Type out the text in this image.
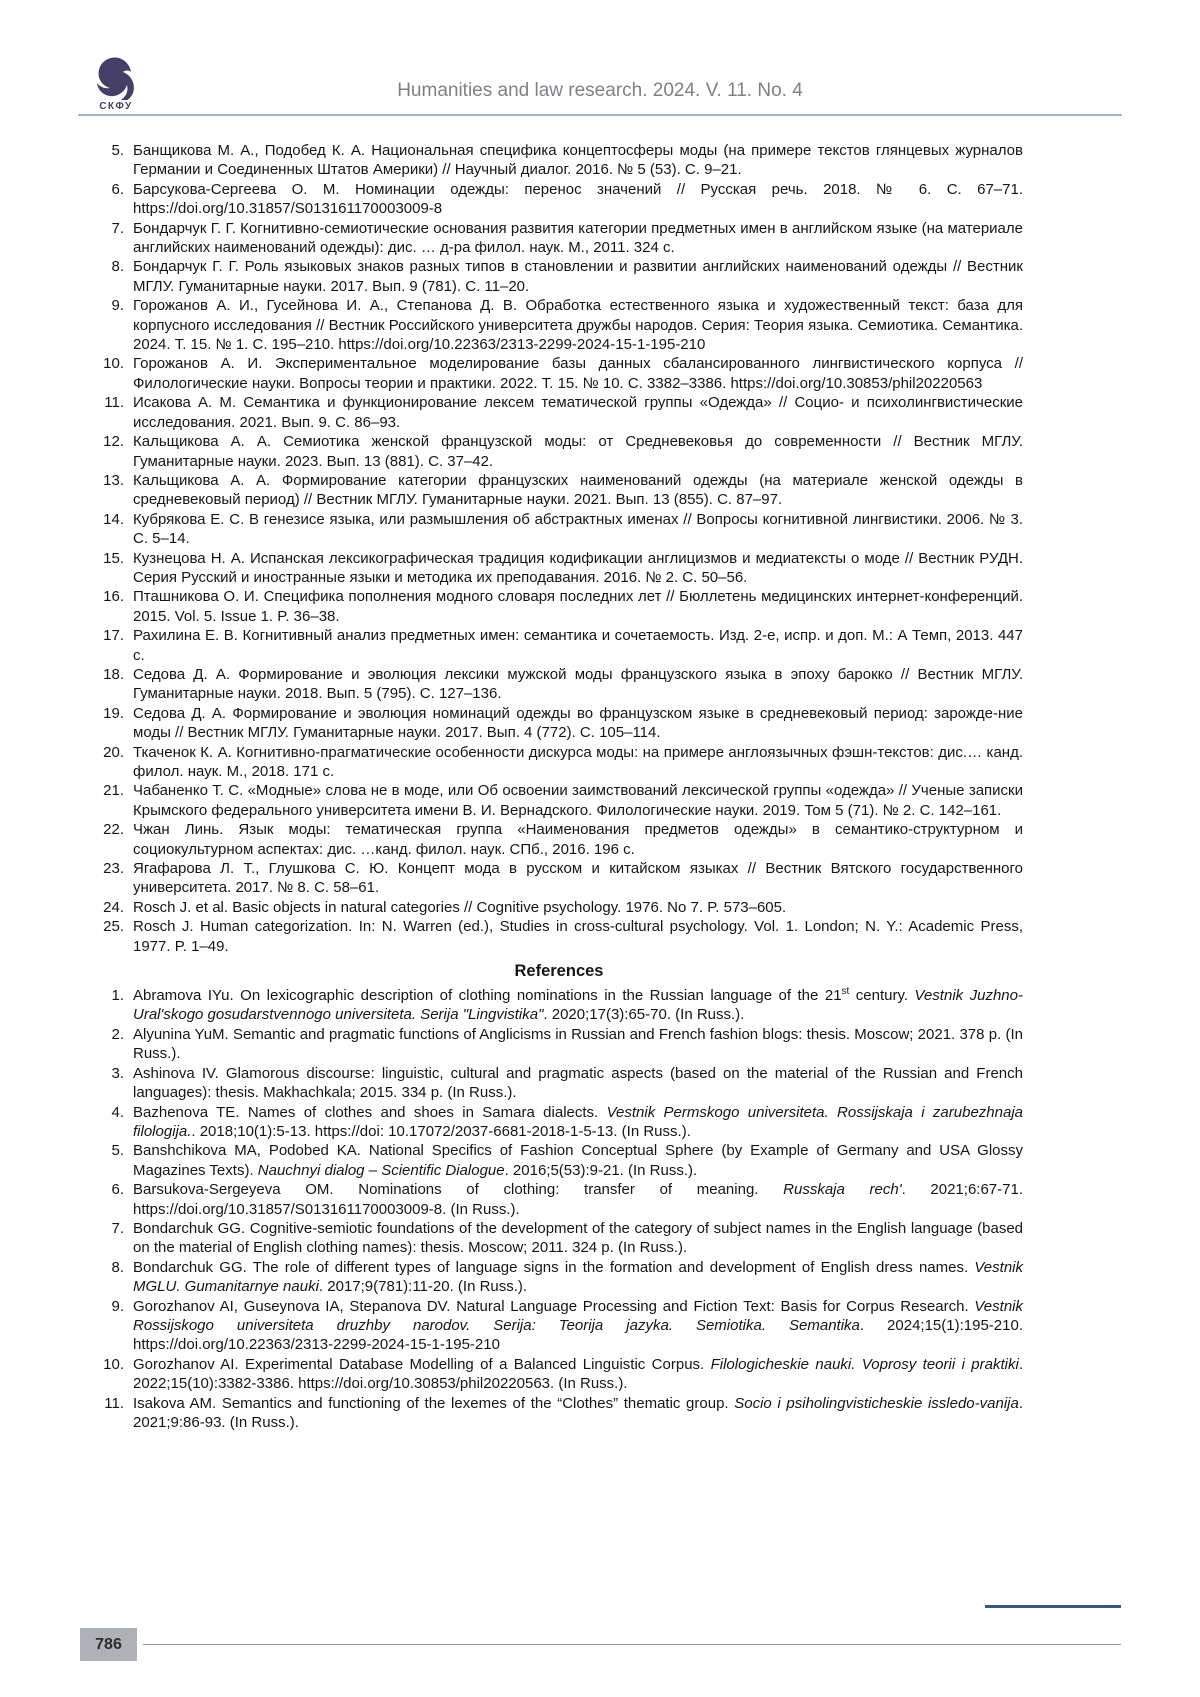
СКФУ
Humanities and law research. 2024. V. 11. No. 4
5. Банщикова М. А., Подобед К. А. Национальная специфика концептосферы моды (на примере текстов глянцевых журналов Германии и Соединенных Штатов Америки) // Научный диалог. 2016. № 5 (53). С. 9–21.
6. Барсукова-Сергеева О. М. Номинации одежды: перенос значений // Русская речь. 2018. № 6. С. 67–71. https://doi.org/10.31857/S013161170003009-8
7. Бондарчук Г. Г. Когнитивно-семиотические основания развития категории предметных имен в английском языке (на материале английских наименований одежды): дис. … д-ра филол. наук. М., 2011. 324 с.
8. Бондарчук Г. Г. Роль языковых знаков разных типов в становлении и развитии английских наименований одежды // Вестник МГЛУ. Гуманитарные науки. 2017. Вып. 9 (781). С. 11–20.
9. Горожанов А. И., Гусейнова И. А., Степанова Д. В. Обработка естественного языка и художественный текст: база для корпусного исследования // Вестник Российского университета дружбы народов. Серия: Теория языка. Семиотика. Семантика. 2024. Т. 15. № 1. С. 195–210. https://doi.org/10.22363/2313-2299-2024-15-1-195-210
10. Горожанов А. И. Экспериментальное моделирование базы данных сбалансированного лингвистического корпуса // Филологические науки. Вопросы теории и практики. 2022. Т. 15. № 10. С. 3382–3386. https://doi.org/10.30853/phil20220563
11. Исакова А. М. Семантика и функционирование лексем тематической группы «Одежда» // Социо- и психолингвистические исследования. 2021. Вып. 9. С. 86–93.
12. Кальщикова А. А. Семиотика женской французской моды: от Средневековья до современности // Вестник МГЛУ. Гуманитарные науки. 2023. Вып. 13 (881). С. 37–42.
13. Кальщикова А. А. Формирование категории французских наименований одежды (на материале женской одежды в средневековый период) // Вестник МГЛУ. Гуманитарные науки. 2021. Вып. 13 (855). С. 87–97.
14. Кубрякова Е. С. В генезисе языка, или размышления об абстрактных именах // Вопросы когнитивной лингвистики. 2006. № 3. С. 5–14.
15. Кузнецова Н. А. Испанская лексикографическая традиция кодификации англицизмов и медиатексты о моде // Вестник РУДН. Серия Русский и иностранные языки и методика их преподавания. 2016. № 2. С. 50–56.
16. Пташникова О. И. Специфика пополнения модного словаря последних лет // Бюллетень медицинских интернет-конференций. 2015. Vol. 5. Issue 1. P. 36–38.
17. Рахилина Е. В. Когнитивный анализ предметных имен: семантика и сочетаемость. Изд. 2-е, испр. и доп. М.: А Темп, 2013. 447 с.
18. Седова Д. А. Формирование и эволюция лексики мужской моды французского языка в эпоху барокко // Вестник МГЛУ. Гуманитарные науки. 2018. Вып. 5 (795). С. 127–136.
19. Седова Д. А. Формирование и эволюция номинаций одежды во французском языке в средневековый период: зарожде-ние моды // Вестник МГЛУ. Гуманитарные науки. 2017. Вып. 4 (772). С. 105–114.
20. Ткаченок К. А. Когнитивно-прагматические особенности дискурса моды: на примере англоязычных фэшн-текстов: дис.… канд. филол. наук. М., 2018. 171 с.
21. Чабаненко Т. С. «Модные» слова не в моде, или Об освоении заимствований лексической группы «одежда» // Ученые записки Крымского федерального университета имени В. И. Вернадского. Филологические науки. 2019. Том 5 (71). № 2. С. 142–161.
22. Чжан Линь. Язык моды: тематическая группа «Наименования предметов одежды» в семантико-структурном и социокультурном аспектах: дис. …канд. филол. наук. СПб., 2016. 196 с.
23. Ягафарова Л. Т., Глушкова С. Ю. Концепт мода в русском и китайском языках // Вестник Вятского государственного университета. 2017. № 8. С. 58–61.
24. Rosch J. et al. Basic objects in natural categories // Cognitive psychology. 1976. No 7. P. 573–605.
25. Rosch J. Human categorization. In: N. Warren (ed.), Studies in cross-cultural psychology. Vol. 1. London; N. Y.: Academic Press, 1977. P. 1–49.
References
1. Abramova IYu. On lexicographic description of clothing nominations in the Russian language of the 21st century. Vestnik Juzhno-Ural'skogo gosudarstvennogo universiteta. Serija "Lingvistika". 2020;17(3):65-70. (In Russ.).
2. Alyunina YuM. Semantic and pragmatic functions of Anglicisms in Russian and French fashion blogs: thesis. Moscow; 2021. 378 p. (In Russ.).
3. Ashinova IV. Glamorous discourse: linguistic, cultural and pragmatic aspects (based on the material of the Russian and French languages): thesis. Makhachkala; 2015. 334 p. (In Russ.).
4. Bazhenova TE. Names of clothes and shoes in Samara dialects. Vestnik Permskogo universiteta. Rossijskaja i zarubezhnaja filologija.. 2018;10(1):5-13. https://doi: 10.17072/2037-6681-2018-1-5-13. (In Russ.).
5. Banshchikova MA, Podobed KA. National Specifics of Fashion Conceptual Sphere (by Example of Germany and USA Glossy Magazines Texts). Nauchnyi dialog – Scientific Dialogue. 2016;5(53):9-21. (In Russ.).
6. Barsukova-Sergeyeva OM. Nominations of clothing: transfer of meaning. Russkaja rech'. 2021;6:67-71. https://doi.org/10.31857/S013161170003009-8. (In Russ.).
7. Bondarchuk GG. Cognitive-semiotic foundations of the development of the category of subject names in the English language (based on the material of English clothing names): thesis. Moscow; 2011. 324 p. (In Russ.).
8. Bondarchuk GG. The role of different types of language signs in the formation and development of English dress names. Vestnik MGLU. Gumanitarnye nauki. 2017;9(781):11-20. (In Russ.).
9. Gorozhanov AI, Guseynova IA, Stepanova DV. Natural Language Processing and Fiction Text: Basis for Corpus Research. Vestnik Rossijskogo universiteta druzhby narodov. Serija: Teorija jazyka. Semiotika. Semantika. 2024;15(1):195-210. https://doi.org/10.22363/2313-2299-2024-15-1-195-210
10. Gorozhanov AI. Experimental Database Modelling of a Balanced Linguistic Corpus. Filologicheskie nauki. Voprosy teorii i praktiki. 2022;15(10):3382-3386. https://doi.org/10.30853/phil20220563. (In Russ.).
11. Isakova AM. Semantics and functioning of the lexemes of the “Clothes” thematic group. Socio i psiholingvisticheskie issledo-vanija. 2021;9:86-93. (In Russ.).
786
